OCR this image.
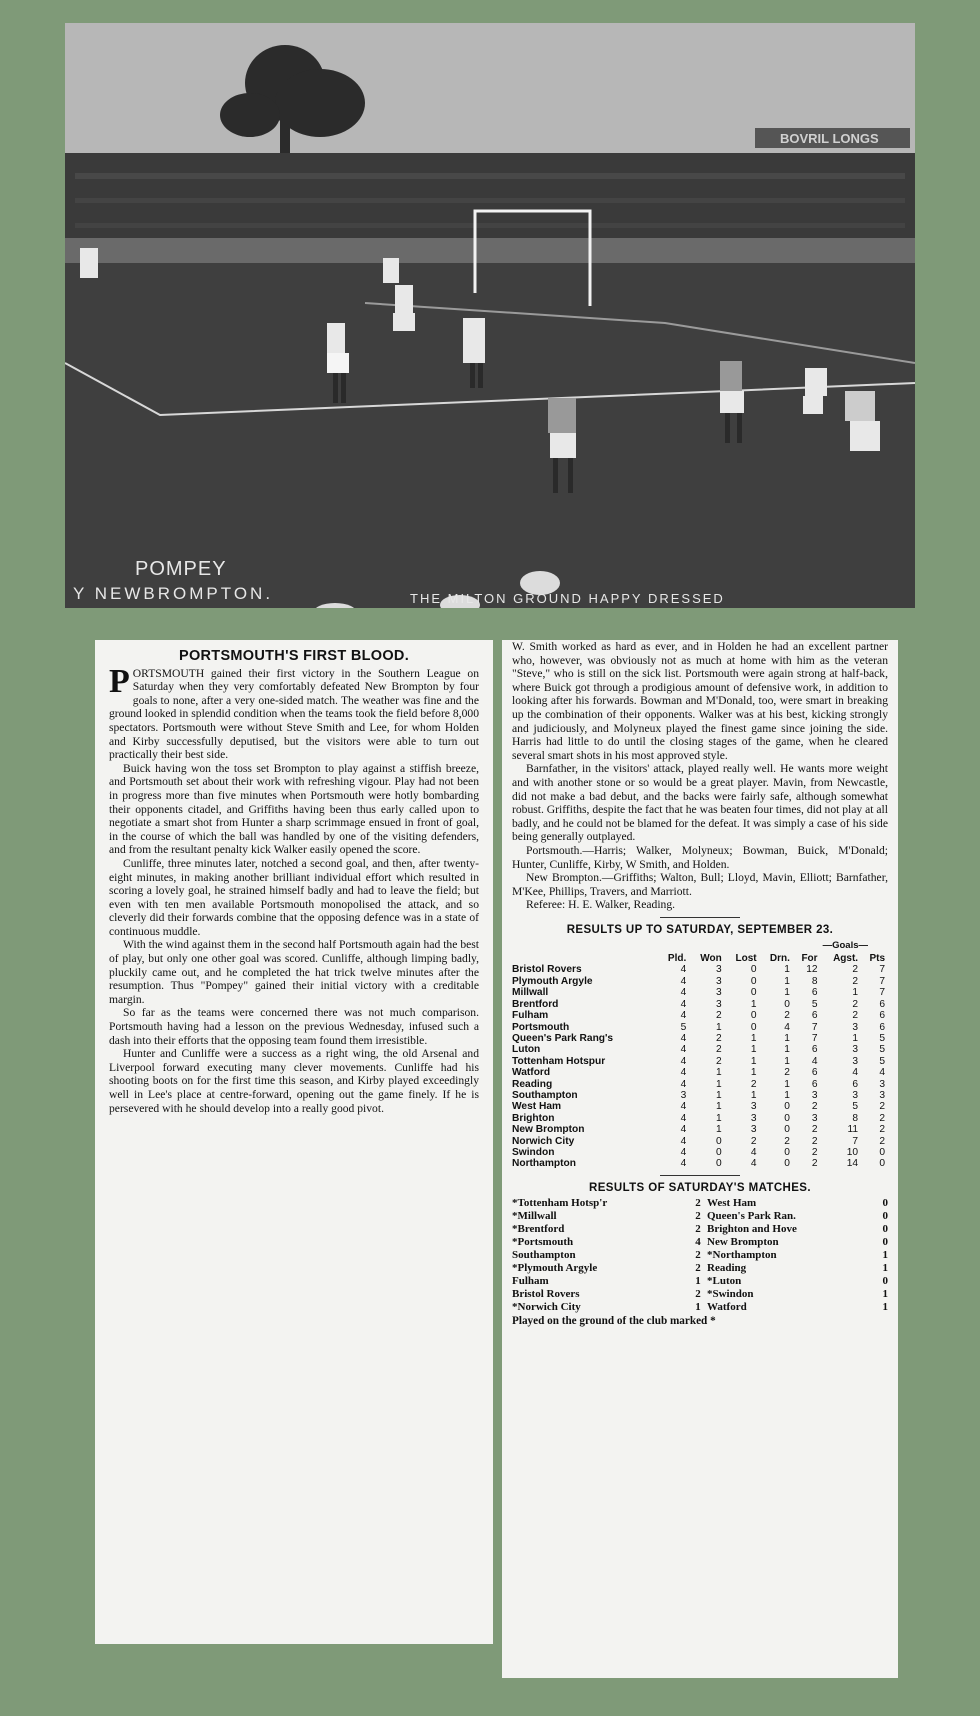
BOVRIL LONGS
POMPEY
Y NEWBROMPTON.	THE MILTON GROUND HAPPY DRESSED
PORTSMOUTH'S FIRST BLOOD.

PORTSMOUTH gained their first victory in the Southern League on Saturday when they very comfortably defeated New Brompton by four goals to none, after a very one-sided match. The weather was fine and the ground looked in splendid condition when the teams took the field before 8,000 spectators. Portsmouth were without Steve Smith and Lee, for whom Holden and Kirby successfully deputised, but the visitors were able to turn out practically their best side.

Buick having won the toss set Brompton to play against a stiffish breeze, and Portsmouth set about their work with refreshing vigour. Play had not been in progress more than five minutes when Portsmouth were hotly bombarding their opponents citadel, and Griffiths having been thus early called upon to negotiate a smart shot from Hunter a sharp scrimmage ensued in front of goal, in the course of which the ball was handled by one of the visiting defenders, and from the resultant penalty kick Walker easily opened the score.

Cunliffe, three minutes later, notched a second goal, and then, after twenty-eight minutes, in making another brilliant individual effort which resulted in scoring a lovely goal, he strained himself badly and had to leave the field; but even with ten men available Portsmouth monopolised the attack, and so cleverly did their forwards combine that the opposing defence was in a state of continuous muddle.

With the wind against them in the second half Portsmouth again had the best of play, but only one other goal was scored. Cunliffe, although limping badly, pluckily came out, and he completed the hat trick twelve minutes after the resumption. Thus "Pompey" gained their initial victory with a creditable margin.

So far as the teams were concerned there was not much comparison. Portsmouth having had a lesson on the previous Wednesday, infused such a dash into their efforts that the opposing team found them irresistible.

Hunter and Cunliffe were a success as a right wing, the old Arsenal and Liverpool forward executing many clever movements. Cunliffe had his shooting boots on for the first time this season, and Kirby played exceedingly well in Lee's place at centre-forward, opening out the game finely. If he is persevered with he should develop into a really good pivot.

W. Smith worked as hard as ever, and in Holden he had an excellent partner who, however, was obviously not as much at home with him as the veteran "Steve," who is still on the sick list. Portsmouth were again strong at half-back, where Buick got through a prodigious amount of defensive work, in addition to looking after his forwards. Bowman and M'Donald, too, were smart in breaking up the combination of their opponents. Walker was at his best, kicking strongly and judiciously, and Molyneux played the finest game since joining the side. Harris had little to do until the closing stages of the game, when he cleared several smart shots in his most approved style.

Barnfather, in the visitors' attack, played really well. He wants more weight and with another stone or so would be a great player. Mavin, from Newcastle, did not make a bad debut, and the backs were fairly safe, although somewhat robust. Griffiths, despite the fact that he was beaten four times, did not play at all badly, and he could not be blamed for the defeat. It was simply a case of his side being generally outplayed.

Portsmouth.—Harris; Walker, Molyneux; Bowman, Buick, M'Donald; Hunter, Cunliffe, Kirby, W Smith, and Holden.

New Brompton.—Griffiths; Walton, Bull; Lloyd, Mavin, Elliott; Barnfather, M'Kee, Phillips, Travers, and Marriott.

Referee: H. E. Walker, Reading.

RESULTS UP TO SATURDAY, SEPTEMBER 23.
—Goals—
	Pld.	Won	Lost	Drn.	For	Agst.	Pts
Bristol Rovers	4	3	0	1	12	2	7
Plymouth Argyle	4	3	0	1	8	2	7
Millwall	4	3	0	1	6	1	7
Brentford	4	3	1	0	5	2	6
Fulham	4	2	0	2	6	2	6
Portsmouth	5	1	0	4	7	3	6
Queen's Park Rang's	4	2	1	1	7	1	5
Luton	4	2	1	1	6	3	5
Tottenham Hotspur	4	2	1	1	4	3	5
Watford	4	1	1	2	6	4	4
Reading	4	1	2	1	6	6	3
Southampton	3	1	1	1	3	3	3
West Ham	4	1	3	0	2	5	2
Brighton	4	1	3	0	3	8	2
New Brompton	4	1	3	0	2	11	2
Norwich City	4	0	2	2	2	7	2
Swindon	4	0	4	0	2	10	0
Northampton	4	0	4	0	2	14	0
RESULTS OF SATURDAY'S MATCHES.
*Tottenham Hotsp'r	2	West Ham	0
*Millwall	2	Queen's Park Ran.	0
*Brentford	2	Brighton and Hove	0
*Portsmouth	4	New Brompton	0
Southampton	2	*Northampton	1
*Plymouth Argyle	2	Reading	1
Fulham	1	*Luton	0
Bristol Rovers	2	*Swindon	1
*Norwich City	1	Watford	1
Played on the ground of the club marked *
